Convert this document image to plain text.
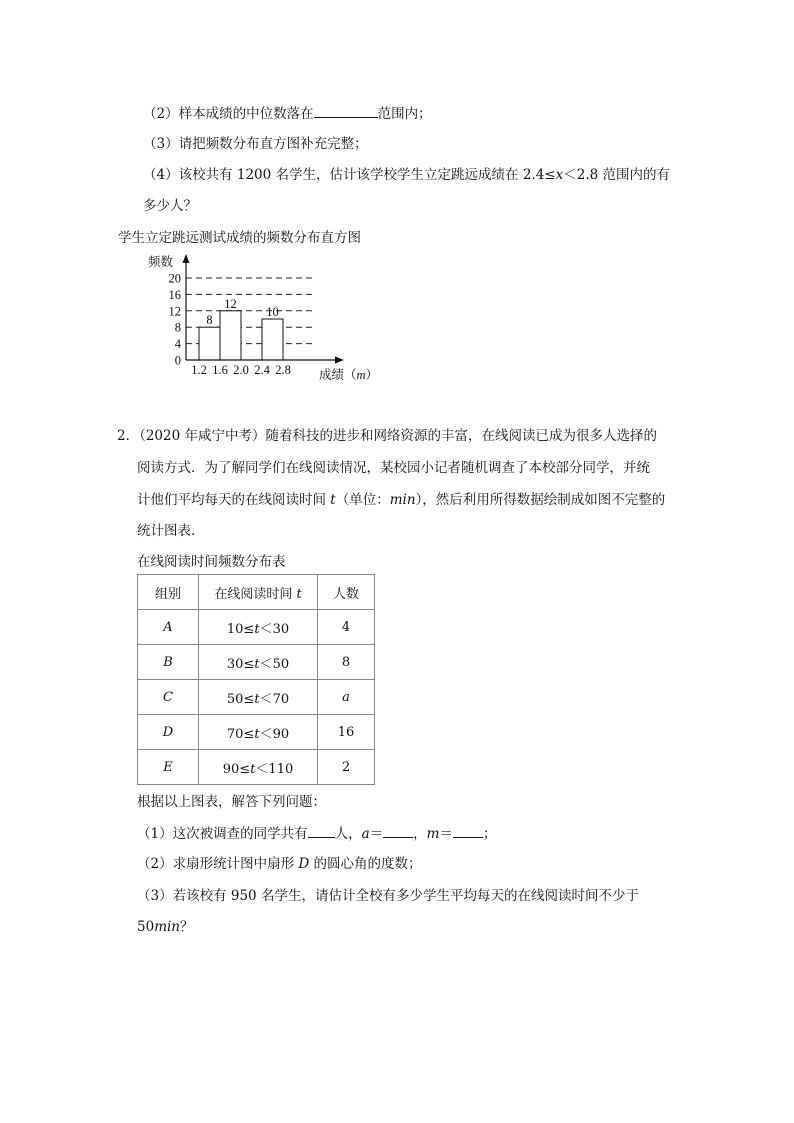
（2）样本成绩的中位数落在	范围内；
（3）请把频数分布直方图补充完整；
（4）该校共有 1200 名学生，估计该学校学生立定跳远成绩在 2.4≤x＜2.8 范围内的有
多少人？
学生立定跳远测试成绩的频数分布直方图
频数
8
12
10
0
4
8
12
16
20
1.2 1.6 2.0 2.4 2.8 成绩（m）
2．（2020 年咸宁中考）随着科技的进步和网络资源的丰富，在线阅读已成为很多人选择的
阅读方式．为了解同学们在线阅读情况，某校园小记者随机调查了本校部分同学，并统
计他们平均每天的在线阅读时间 t（单位：min），然后利用所得数据绘制成如图不完整的
统计图表．
在线阅读时间频数分布表
组别	在线阅读时间 t	人数
A	10≤t＜30	4
B	30≤t＜50	8
C	50≤t＜70	a
D	70≤t＜90	16
E	90≤t＜110	2
根据以上图表，解答下列问题：
（1）这次被调查的同学共有 人，a＝ ，m＝ ；
（2）求扇形统计图中扇形 D 的圆心角的度数；
（3）若该校有 950 名学生，请估计全校有多少学生平均每天的在线阅读时间不少于
50min？
